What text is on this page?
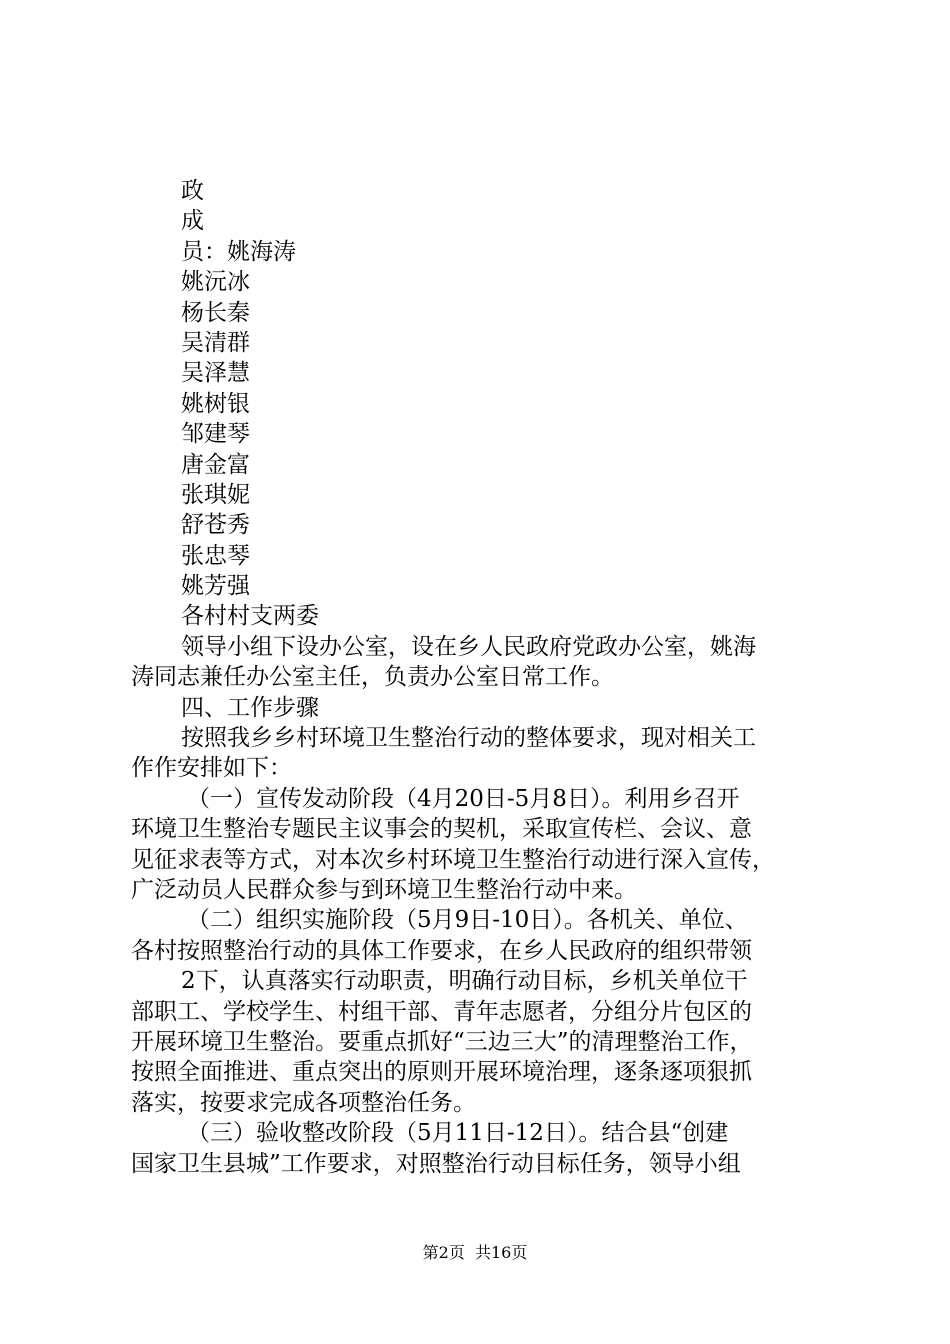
政
成
员：姚海涛
姚沅冰
杨长秦
吴清群
吴泽慧
姚树银
邹建琴
唐金富
张琪妮
舒苍秀
张忠琴
姚芳强
各村村支两委
领导小组下设办公室，设在乡人民政府党政办公室，姚海
涛同志兼任办公室主任，负责办公室日常工作。
四、工作步骤
按照我乡乡村环境卫生整治行动的整体要求，现对相关工
作作安排如下：
（一）宣传发动阶段（4月20日-5月8日）。利用乡召开
环境卫生整治专题民主议事会的契机，采取宣传栏、会议、意
见征求表等方式，对本次乡村环境卫生整治行动进行深入宣传，
广泛动员人民群众参与到环境卫生整治行动中来。
（二）组织实施阶段（5月9日-10日）。各机关、单位、
各村按照整治行动的具体工作要求，在乡人民政府的组织带领
2下，认真落实行动职责，明确行动目标，乡机关单位干
部职工、学校学生、村组干部、青年志愿者，分组分片包区的
开展环境卫生整治。要重点抓好“三边三大”的清理整治工作，
按照全面推进、重点突出的原则开展环境治理，逐条逐项狠抓
落实，按要求完成各项整治任务。
（三）验收整改阶段（5月11日-12日）。结合县“创建
国家卫生县城”工作要求，对照整治行动目标任务，领导小组
第2页  共16页
